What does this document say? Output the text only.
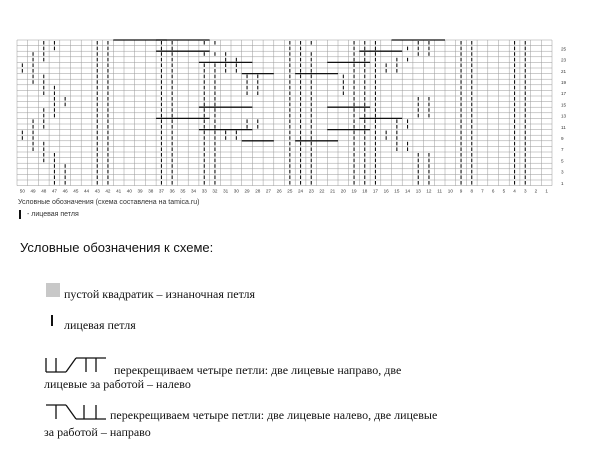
50 49 48 47 46 45 44 43 42 41 40 39 38 37 36 35 34 33 32 31 30 29 28 27 26 25 24 23 22 21 20 19 18 17 16 15 14 13 12 11 10 9 8 7 6 5 4 3 2 1
25
23
21
19
17
15
13
11
9
7
5
3
1
Условные обозначения (схема составлена на tamica.ru)
- лицевая петля
Условные обозначения к схеме:
пустой квадратик – изнаночная петля
лицевая петля
перекрещиваем четыре петли: две лицевые направо, две
лицевые за работой – налево
перекрещиваем четыре петли: две лицевые налево, две лицевые
за работой – направо
